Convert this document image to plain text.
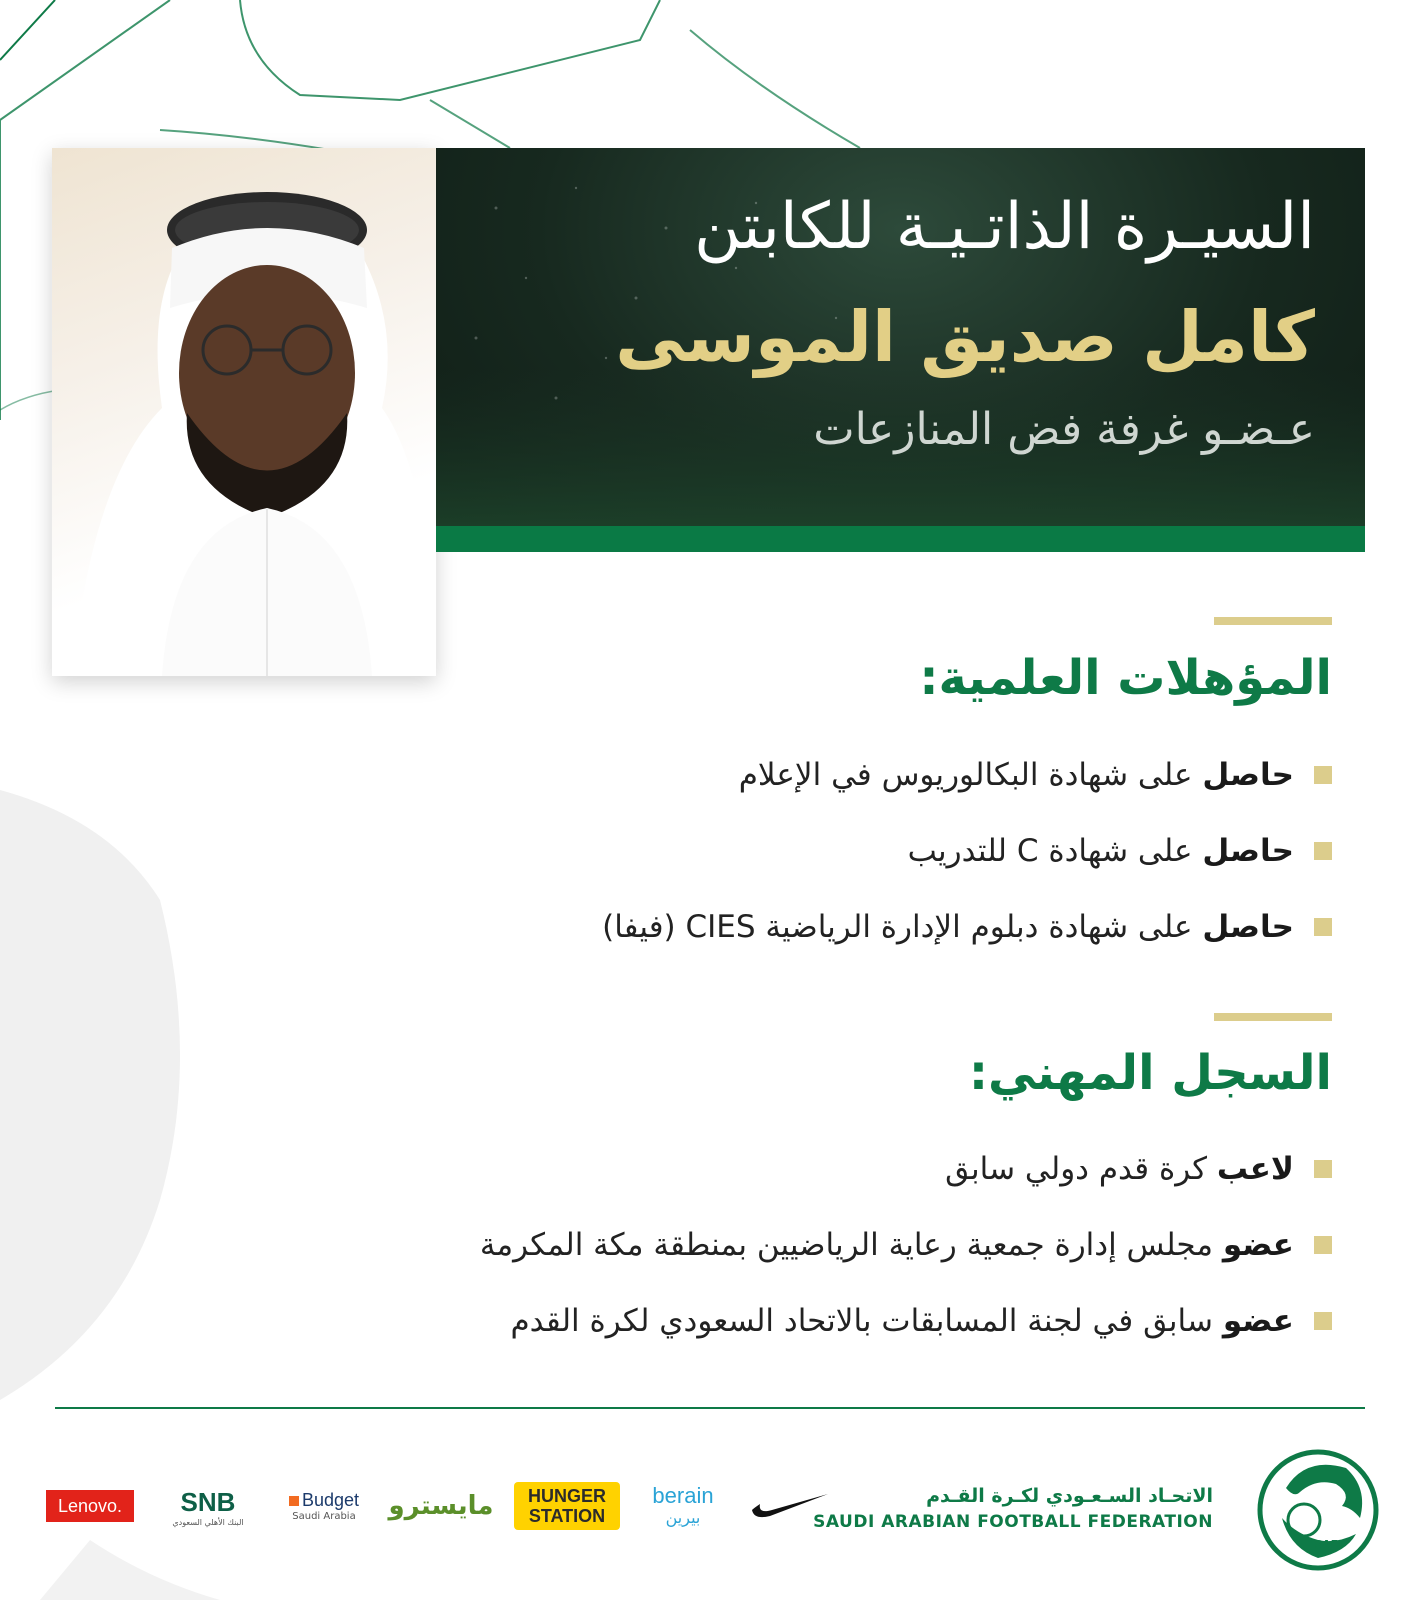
السيـرة الذاتـيـة للكابتن
كامل صديق الموسى
عـضـو غرفة فض المنازعات
المؤهلات العلمية:
حاصل على شهادة البكالوريوس في الإعلام
حاصل على شهادة C للتدريب
حاصل على شهادة دبلوم الإدارة الرياضية CIES (فيفا)
السجل المهني:
لاعب كرة قدم دولي سابق
عضو مجلس إدارة جمعية رعاية الرياضيين بمنطقة مكة المكرمة
عضو سابق في لجنة المسابقات بالاتحاد السعودي لكرة القدم
Lenovo. SNB
البنك الأهلي السعودي
Budget
Saudi Arabia مايسترو HUNGER
STATION
berain
بيرين
الاتحـاد السـعـودي لكـرة القـدم
SAUDI ARABIAN FOOTBALL FEDERATION
SAFF
